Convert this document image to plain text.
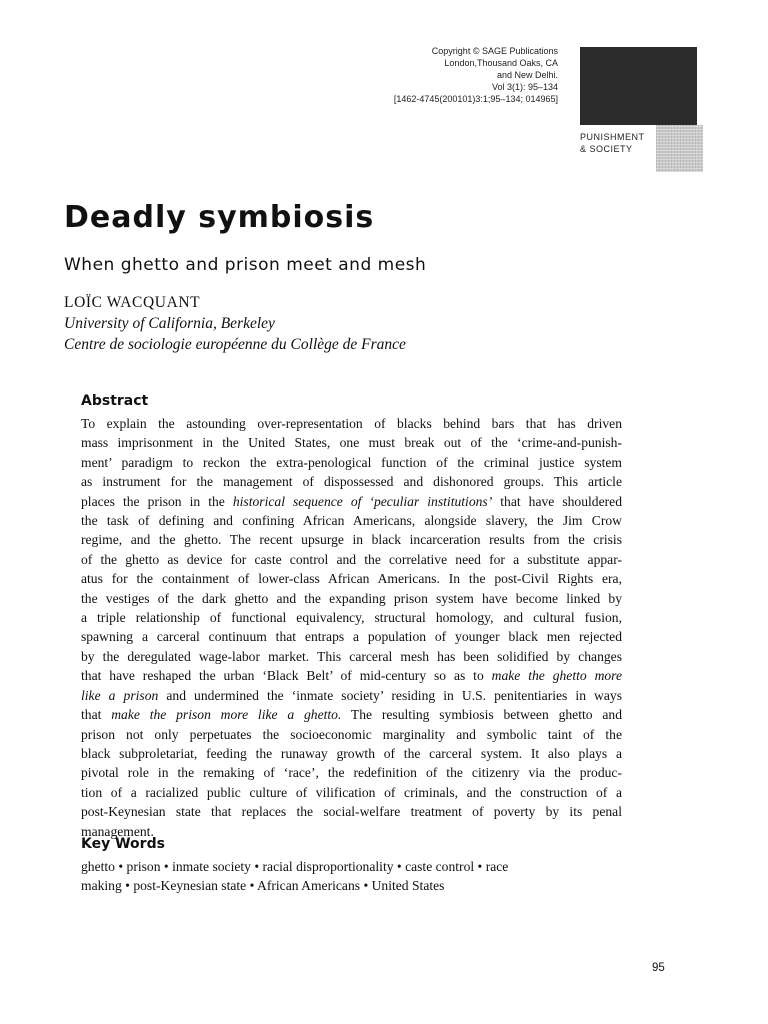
Copyright © SAGE Publications
London,Thousand Oaks, CA
and New Delhi.
Vol 3(1): 95–134
[1462-4745(200101)3:1;95–134; 014965]
PUNISHMENT
& SOCIETY
Deadly symbiosis
When ghetto and prison meet and mesh
LOÏC WACQUANT
University of California, Berkeley
Centre de sociologie européenne du Collège de France
Abstract
To explain the astounding over-representation of blacks behind bars that has driven
mass imprisonment in the United States, one must break out of the ‘crime-and-punish-
ment’ paradigm to reckon the extra-penological function of the criminal justice system
as instrument for the management of dispossessed and dishonored groups. This article
places the prison in the historical sequence of ‘peculiar institutions’ that have shouldered
the task of defining and confining African Americans, alongside slavery, the Jim Crow
regime, and the ghetto. The recent upsurge in black incarceration results from the crisis
of the ghetto as device for caste control and the correlative need for a substitute appar-
atus for the containment of lower-class African Americans. In the post-Civil Rights era,
the vestiges of the dark ghetto and the expanding prison system have become linked by
a triple relationship of functional equivalency, structural homology, and cultural fusion,
spawning a carceral continuum that entraps a population of younger black men rejected
by the deregulated wage-labor market. This carceral mesh has been solidified by changes
that have reshaped the urban ‘Black Belt’ of mid-century so as to make the ghetto more
like a prison and undermined the ‘inmate society’ residing in U.S. penitentiaries in ways
that make the prison more like a ghetto. The resulting symbiosis between ghetto and
prison not only perpetuates the socioeconomic marginality and symbolic taint of the
black subproletariat, feeding the runaway growth of the carceral system. It also plays a
pivotal role in the remaking of ‘race’, the redefinition of the citizenry via the produc-
tion of a racialized public culture of vilification of criminals, and the construction of a
post-Keynesian state that replaces the social-welfare treatment of poverty by its penal
management.
Key Words
ghetto • prison • inmate society • racial disproportionality • caste control • race
making • post-Keynesian state • African Americans • United States
95
